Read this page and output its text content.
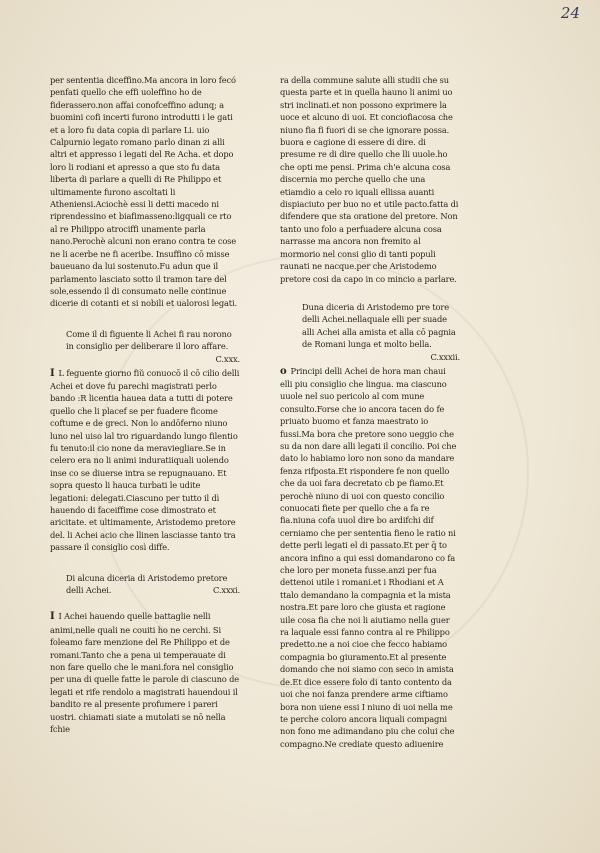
24

per sententia diceffino.Ma ancora in loro fecó penfati quello che effi uoleffino ho de fiderassero.non affai conofceffino adunq; a buomini cofi incerti furono introdutti i le gati et a loro fu data copia di parlare Li. uio Calpurnio legato romano parlo dinan zi alli altri et appresso i legati del Re Acha. et dopo loro li rodiani et apresso a que sto fu data liberta di parlare a quelli di Re Philippo et ultimamente furono ascoltati li Atheniensi.Aciochè essi li detti macedo ni riprendessino et biafimasseno:ligquali ce rto al re Philippo atrociffi unamente parla nano.Perochè alcuni non erano contra te cose ne li acerbe ne fi aceribe. Insuffino cō misse baueuano da lui sostenuto.Fu adun que il parlamento lasciato sotto il tramon tare del sole,essendo il di consumato nelle continue dicerie di cotanti et si nobili et ualorosi legati.

Come il di figuente li Achei fi rau norono in consiglio per deliberare il loro affare.
C.xxx.

I L feguente giorno fiŭ conuocō il cō cilio delli Achei et dove fu parechi magistrati perlo bando :R licentia hauea data a tutti di potere quello che li placef se per fuadere ficome coftume e de greci. Non lo andōferno niuno luno nel uiso lal tro riguardando lungo filentio fu tenuto:il cio none da meraviegliare.Se in celero era no li animi induratiiquali uolendo inse co se diuerse intra se repugnauano. Et sopra questo li hauca turbati le udite legationi: delegati.Ciascuno per tutto il dì hauendo di faceiffime cose dimostrato et aricitate. et ultimamente, Aristodemo pretore del. li Achei acio che llinen lasciasse tanto tra passare il consiglio così diffe.

Di alcuna diceria di Aristodemo pretore delli Achei.	C.xxxi.

I I Achei hauendo quelle battaglie nelli animi,nelle quali ne couiti ho ne cerchi. Si foleamo fare menzione del Re Philippo et de romani.Tanto che a pena ui temperauate di non fare quello che le mani.fora nel consiglio per una di quelle fatte le parole di ciascuno de legati et rife rendolo a magistrati hauendoui il bandito re al presente profumere i pareri uostri. chiamati siate a mutolati se nō nella fchie

ra della commune salute alli studii che su questa parte et in quella hauno li animi uo stri inclinati.et non possono exprimere la uoce et alcuno di uoi. Et conciofiacosa che niuno fia fi fuori di se che ignorare possa. buora e cagione di essere di dire. di presume re di dire quello che lli uuole.ho che opti me pensi. Prima ch'e alcuna cosa discernia mo perche quello che una etiamdio a celo ro iquali ellissa auanti dispiaciuto per buo no et utile pacto.fatta di difendere que sta oratione del pretore. Non tanto uno folo a perfuadere alcuna cosa narrasse ma ancora non fremito al mormorio nel consi glio di tanti populi raunati ne nacque.per che Aristodemo pretore cosi da capo in co mincio a parlare.

Duna diceria di Aristodemo pre tore delli Achei.nellaquale elli per suade alli Achei alla amista et alla cō pagnia de Romani lunga et molto bella.
C.xxxii.

o Principi delli Achei de hora man chaui elli piu consiglio che lingua. ma ciascuno uuole nel suo pericolo al com mune consulto.Forse che io ancora tacen do fe priuato buomo et fanza maestrato io fussi.Ma bora che pretore sono ueggio che su da non dare alli legati il concilio. Poi che dato lo habiamo loro non sono da mandare fenza rifposta.Et rispondere fe non quello che da uoi fara decretato cb pe fiamo.Et perochè niuno di uoi con questo concilio conuocati fiete per quello che a fa re fia.niuna cofa uuol dire bo ardifchi dif cerniamo che per sententia fieno le ratio ni dette perli legati el di passato.Et per q̄ to ancora infino a qui essi domandarono co fa che loro per moneta fusse.anzi per fua dettenoi utile i romani.et i Rhodiani et A ttalo demandano la compagnia et la mista nostra.Et pare loro che giusta et ragione uile cosa fia che noi li aiutiamo nella guer ra laquale essi fanno contra al re Philippo predetto.ne a noi cioe che fecco habiamo compagnia bo giuramento.Et al presente domando che noi siamo con seco in amista de.Et dice essere folo di tanto contento da uoi che noi fanza prendere arme ciftiamo bora non uiene essi I niuno di uoi nella me te perche coloro ancora liquali compagni non fono me adimandano piu che colui che compagno.Ne crediate questo adiuenire
